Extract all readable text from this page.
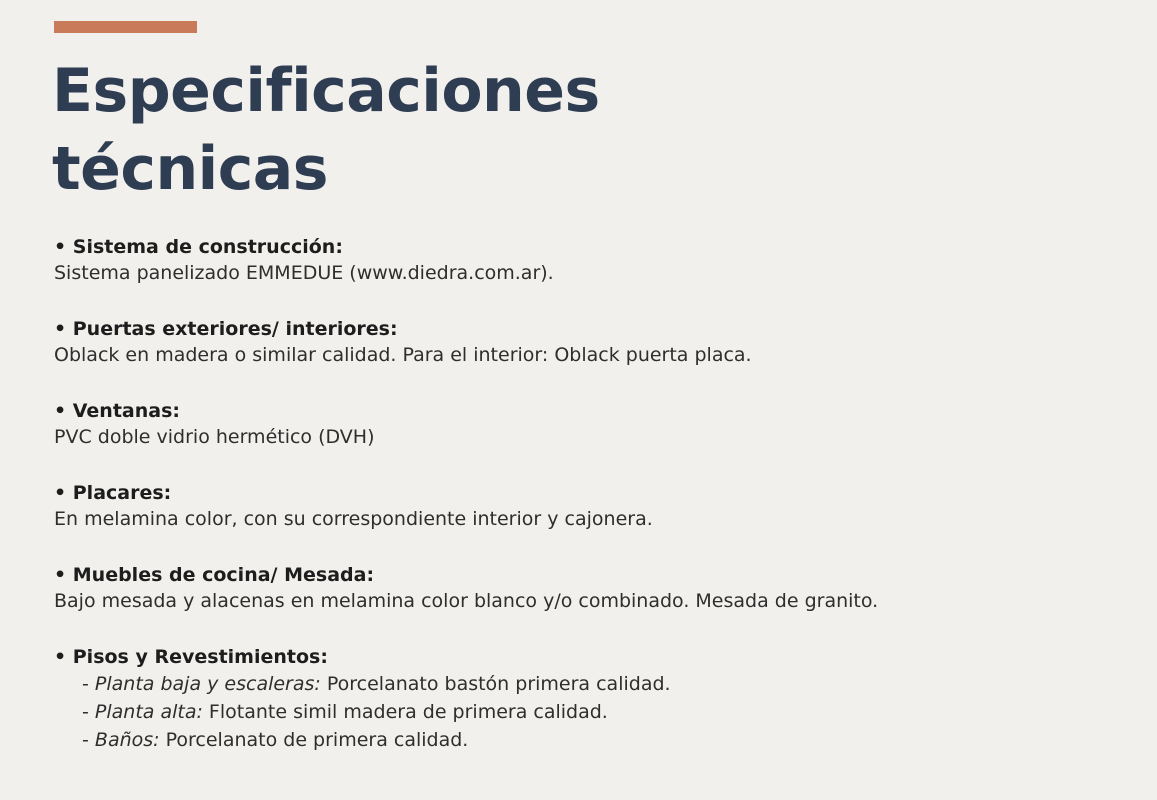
Especificaciones
técnicas
• Sistema de construcción:
Sistema panelizado EMMEDUE (www.diedra.com.ar).
• Puertas exteriores/ interiores:
Oblack en madera o similar calidad. Para el interior: Oblack puerta placa.
• Ventanas:
PVC doble vidrio hermético (DVH)
• Placares:
En melamina color, con su correspondiente interior y cajonera.
• Muebles de cocina/ Mesada:
Bajo mesada y alacenas en melamina color blanco y/o combinado. Mesada de granito.
• Pisos y Revestimientos:
- Planta baja y escaleras: Porcelanato bastón primera calidad.
- Planta alta: Flotante simil madera de primera calidad.
- Baños: Porcelanato de primera calidad.
